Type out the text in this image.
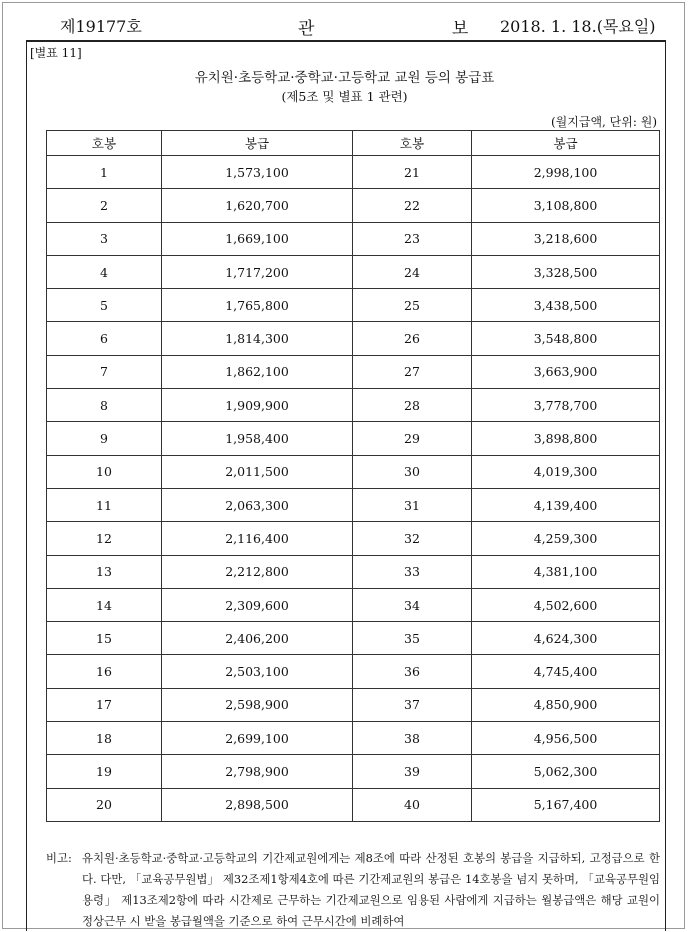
제19177호	관 보
2018. 1. 18.(목요일)
[별표 11]
유치원·초등학교·중학교·고등학교 교원 등의 봉급표
(제5조 및 별표 1 관련)
(월지급액, 단위: 원)
호봉	봉급	호봉	봉급
1	1,573,100	21	2,998,100
2	1,620,700	22	3,108,800
3	1,669,100	23	3,218,600
4	1,717,200	24	3,328,500
5	1,765,800	25	3,438,500
6	1,814,300	26	3,548,800
7	1,862,100	27	3,663,900
8	1,909,900	28	3,778,700
9	1,958,400	29	3,898,800
10	2,011,500	30	4,019,300
11	2,063,300	31	4,139,400
12	2,116,400	32	4,259,300
13	2,212,800	33	4,381,100
14	2,309,600	34	4,502,600
15	2,406,200	35	4,624,300
16	2,503,100	36	4,745,400
17	2,598,900	37	4,850,900
18	2,699,100	38	4,956,500
19	2,798,900	39	5,062,300
20	2,898,500	40	5,167,400
비고: 유치원·초등학교·중학교·고등학교의 기간제교원에게는 제8조에 따라 산정된 호봉의 봉급을 지급하되, 고정급으로 한다. 다만, 「교육공무원법」 제32조제1항제4호에 따른 기간제교원의 봉급은 14호봉을 넘지 못하며, 「교육공무원임용령」 제13조제2항에 따라 시간제로 근무하는 기간제교원으로 임용된 사람에게 지급하는 월봉급액은 해당 교원이 정상근무 시 받을 봉급월액을 기준으로 하여 근무시간에 비례하여
